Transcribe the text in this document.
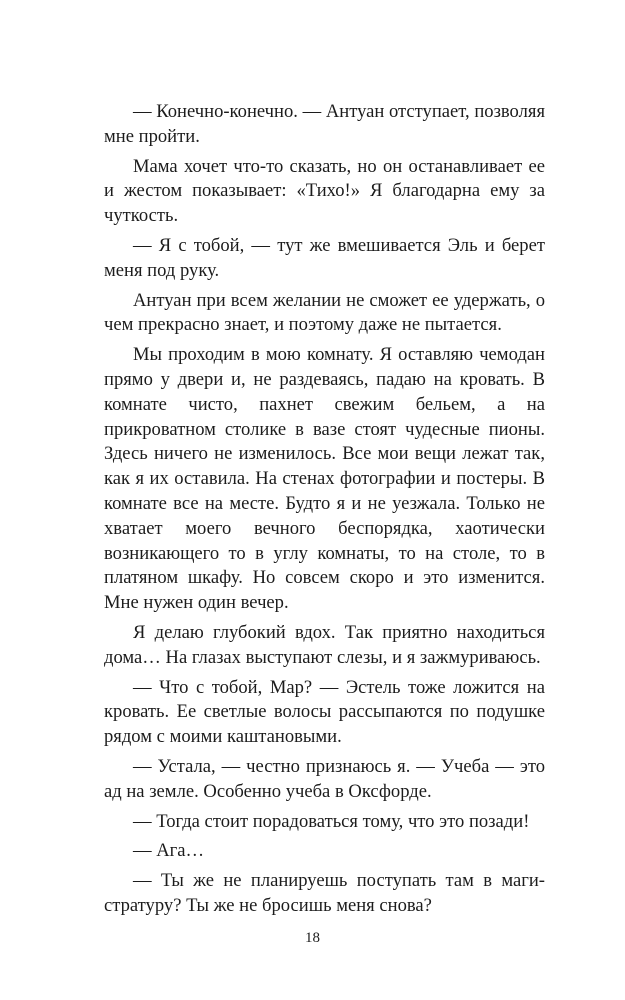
— Конечно-конечно. — Антуан отступает, позволяя мне пройти.

Мама хочет что-то сказать, но он останавливает ее и жестом показывает: «Тихо!» Я благодарна ему за чуткость.

— Я с тобой, — тут же вмешивается Эль и берет меня под руку.

Антуан при всем желании не сможет ее удержать, о чем прекрасно знает, и поэтому даже не пытается.

Мы проходим в мою комнату. Я оставляю чемодан прямо у двери и, не раздеваясь, падаю на кровать. В комнате чисто, пахнет свежим бельем, а на прикроватном столике в вазе стоят чудесные пионы. Здесь ничего не изменилось. Все мои вещи лежат так, как я их оставила. На стенах фотографии и постеры. В комнате все на месте. Будто я и не уезжала. Только не хватает моего вечного беспорядка, хаотически возникающего то в углу комнаты, то на столе, то в платяном шкафу. Но совсем скоро и это изменится. Мне нужен один вечер.

Я делаю глубокий вдох. Так приятно находиться дома… На глазах выступают слезы, и я зажмуриваюсь.

— Что с тобой, Мар? — Эстель тоже ложится на кровать. Ее светлые волосы рассыпаются по подушке рядом с моими каштановыми.

— Устала, — честно признаюсь я. — Учеба — это ад на земле. Особенно учеба в Оксфорде.

— Тогда стоит порадоваться тому, что это позади!

— Ага…

— Ты же не планируешь поступать там в магистратуру? Ты же не бросишь меня снова?

18
